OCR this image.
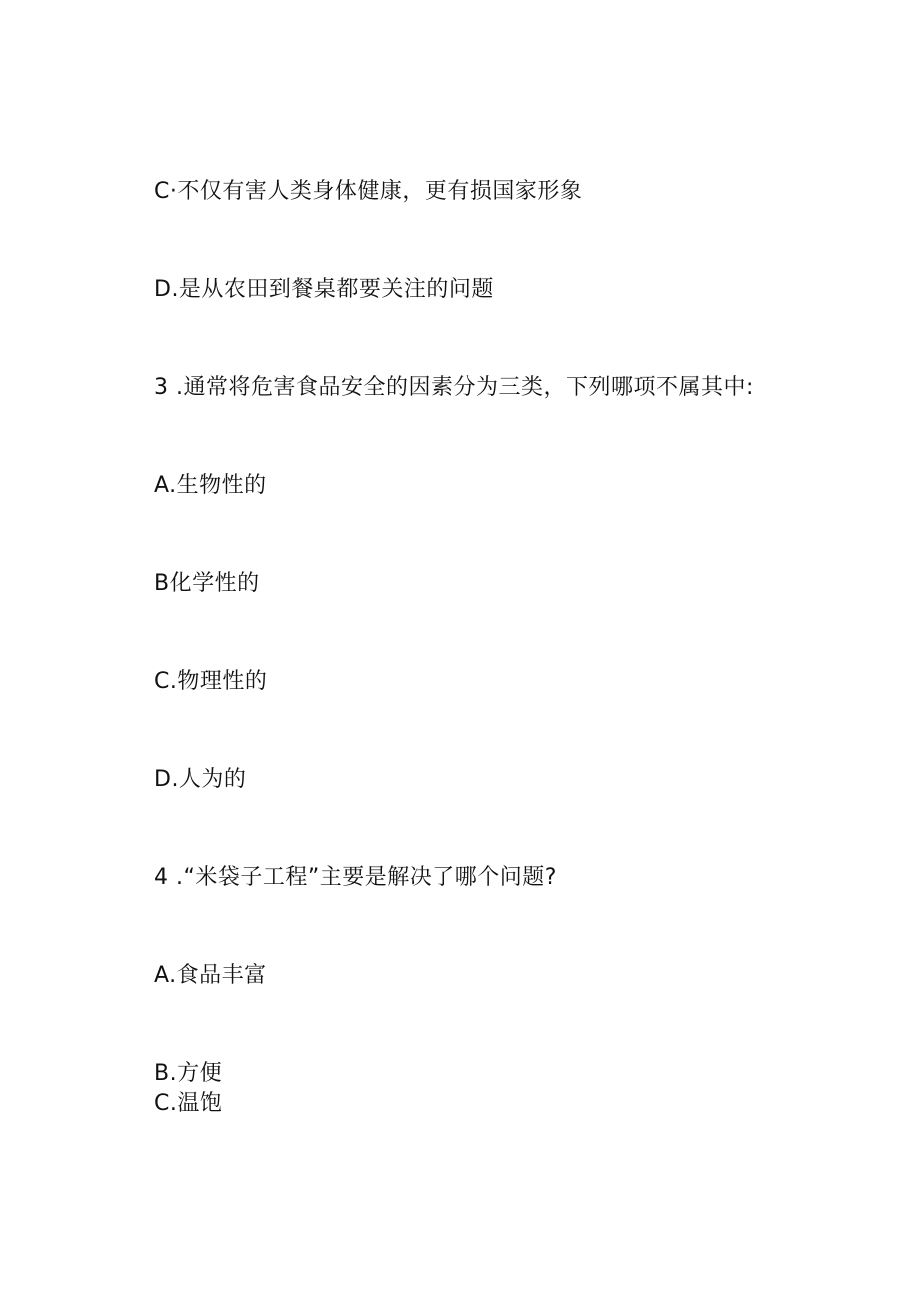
C·不仅有害人类身体健康，更有损国家形象
D.是从农田到餐桌都要关注的问题
3 .通常将危害食品安全的因素分为三类，下列哪项不属其中:
A.生物性的
B化学性的
C.物理性的
D.人为的
4 .“米袋子工程”主要是解决了哪个问题?
A.食品丰富
B.方便
C.温饱
